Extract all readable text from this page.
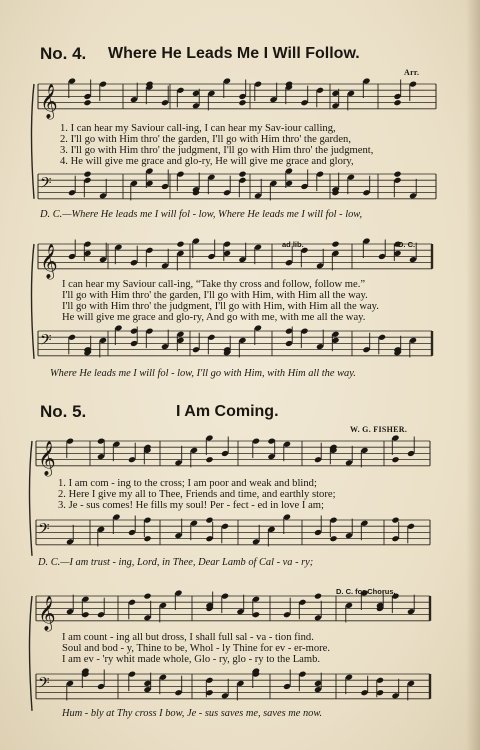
No. 4. Where He Leads Me I Will Follow.
Arr.
𝄞
𝄢
𝄞
𝄢
𝄞
𝄢
𝄞
𝄢
1. I can hear my Saviour call-ing, I can hear my Sav-iour calling,
2. I'll go with Him thro' the garden, I'll go with Him thro' the garden,
3. I'll go with Him thro' the judgment, I'll go with Him thro' the judgment,
4. He will give me grace and glo-ry, He will give me grace and glory,
D. C.—Where He leads me I will fol - low, Where He leads me I will fol - low,
ad lib.	D. C.
I can hear my Saviour call-ing, “Take thy cross and follow, follow me.”
I'll go with Him thro' the garden, I'll go with Him, with Him all the way.
I'll go with Him thro' the judgment, I'll go with Him, with Him all the way.
He will give me grace and glo-ry, And go with me, with me all the way.
Where He leads me I will fol - low, I'll go with Him, with Him all the way.
No. 5.	I Am Coming.
W. G. FISHER.
1. I am com - ing to the cross; I am poor and weak and blind;
2. Here I give my all to Thee, Friends and time, and earthly store;
3. Je - sus comes! He fills my soul! Per - fect - ed in love I am;
D. C.—I am trust - ing, Lord, in Thee, Dear Lamb of Cal - va - ry;
D. C. for Chorus.
I am count - ing all but dross, I shall full sal - va - tion find.
Soul and bod - y, Thine to be, Whol - ly Thine for ev - er-more.
I am ev - 'ry whit made whole, Glo - ry, glo - ry to the Lamb.
Hum - bly at Thy cross I bow, Je - sus saves me, saves me now.
